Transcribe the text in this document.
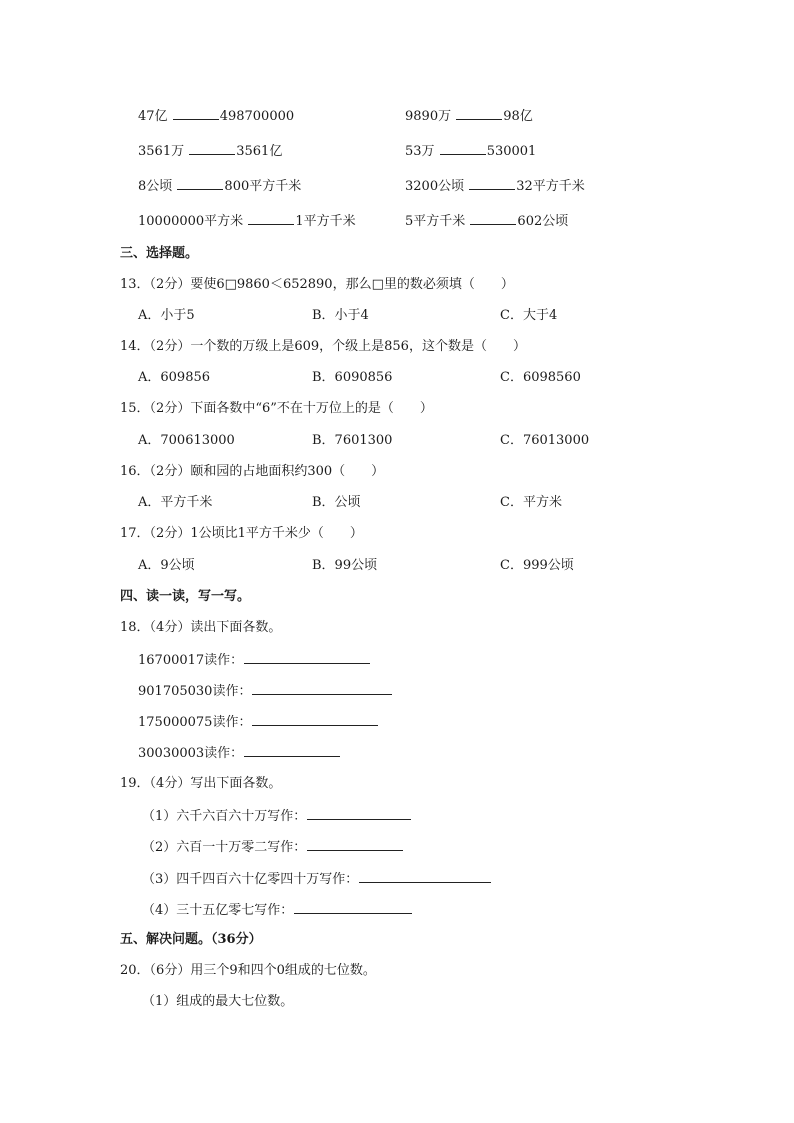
47亿	498700000	9890万	98亿
3561万	3561亿	53万	530001
8公顷	800平方千米	3200公顷	32平方千米
10000000平方米	1平方千米	5平方千米	602公顷
三、选择题。
13．（2分）要使6□9860＜652890，那么□里的数必须填（　　）
A．小于5	B．小于4	C．大于4
14．（2分）一个数的万级上是609，个级上是856，这个数是（　　）
A．609856	B．6090856	C．6098560
15．（2分）下面各数中“6”不在十万位上的是（　　）
A．700613000	B．7601300	C．76013000
16．（2分）颐和园的占地面积约300（　　）
A．平方千米	B．公顷	C．平方米
17．（2分）1公顷比1平方千米少（　　）
A．9公顷	B．99公顷	C．999公顷
四、读一读，写一写。
18．（4分）读出下面各数。
16700017读作：
901705030读作：
175000075读作：
30030003读作：
19．（4分）写出下面各数。
（1）六千六百六十万写作：
（2）六百一十万零二写作：
（3）四千四百六十亿零四十万写作：
（4）三十五亿零七写作：
五、解决问题。（36分）
20．（6分）用三个9和四个0组成的七位数。
（1）组成的最大七位数。
